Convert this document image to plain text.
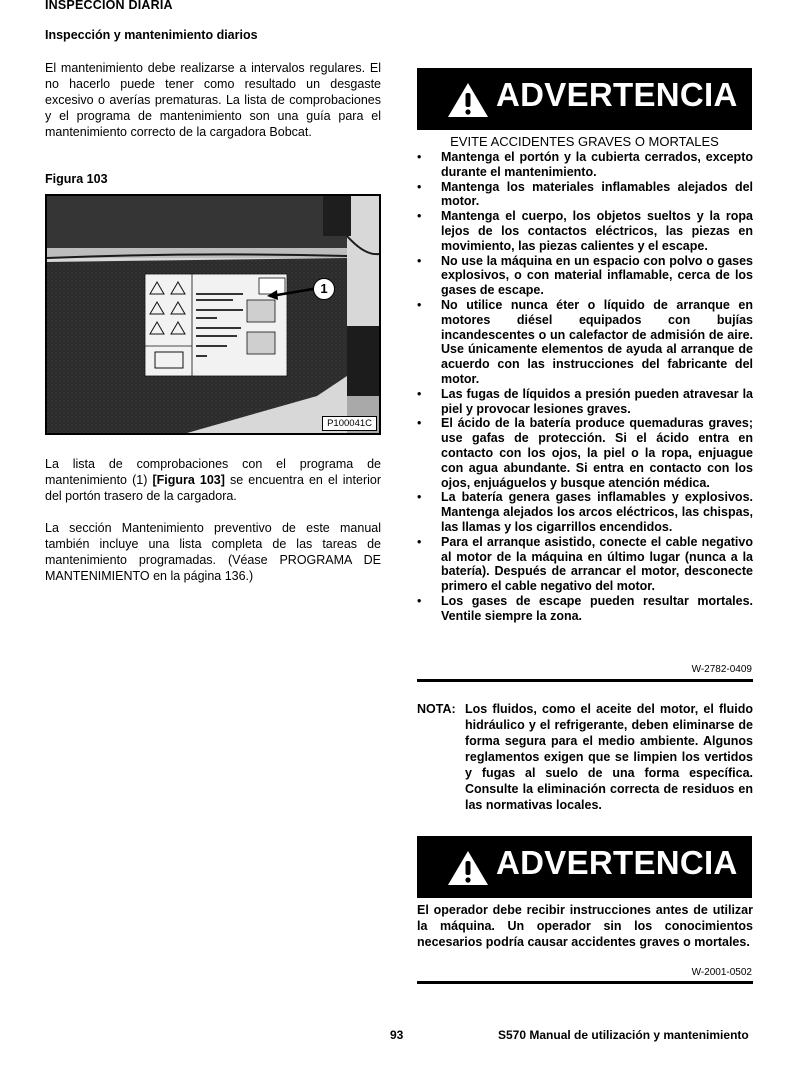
INSPECCION DIARIA
Inspección y mantenimiento diarios
El mantenimiento debe realizarse a intervalos regulares. El no hacerlo puede tener como resultado un desgaste excesivo o averías prematuras. La lista de comprobaciones y el programa de mantenimiento son una guía para el mantenimiento correcto de la cargadora Bobcat.
Figura 103
1
P100041C
La lista de comprobaciones con el programa de mantenimiento (1) [Figura 103] se encuentra en el interior del portón trasero de la cargadora.
La sección Mantenimiento preventivo de este manual también incluye una lista completa de las tareas de mantenimiento programadas. (Véase PROGRAMA DE MANTENIMIENTO en la página 136.)
ADVERTENCIA
EVITE ACCIDENTES GRAVES O MORTALES
• Mantenga el portón y la cubierta cerrados, excepto durante el mantenimiento.
• Mantenga los materiales inflamables alejados del motor.
• Mantenga el cuerpo, los objetos sueltos y la ropa lejos de los contactos eléctricos, las piezas en movimiento, las piezas calientes y el escape.
• No use la máquina en un espacio con polvo o gases explosivos, o con material inflamable, cerca de los gases de escape.
• No utilice nunca éter o líquido de arranque en motores diésel equipados con bujías incandescentes o un calefactor de admisión de aire. Use únicamente elementos de ayuda al arranque de acuerdo con las instrucciones del fabricante del motor.
• Las fugas de líquidos a presión pueden atravesar la piel y provocar lesiones graves.
• El ácido de la batería produce quemaduras graves; use gafas de protección. Si el ácido entra en contacto con los ojos, la piel o la ropa, enjuague con agua abundante. Si entra en contacto con los ojos, enjuáguelos y busque atención médica.
• La batería genera gases inflamables y explosivos. Mantenga alejados los arcos eléctricos, las chispas, las llamas y los cigarrillos encendidos.
• Para el arranque asistido, conecte el cable negativo al motor de la máquina en último lugar (nunca a la batería). Después de arrancar el motor, desconecte primero el cable negativo del motor.
• Los gases de escape pueden resultar mortales. Ventile siempre la zona.
W-2782-0409
NOTA: Los fluidos, como el aceite del motor, el fluido hidráulico y el refrigerante, deben eliminarse de forma segura para el medio ambiente. Algunos reglamentos exigen que se limpien los vertidos y fugas al suelo de una forma específica. Consulte la eliminación correcta de residuos en las normativas locales.
ADVERTENCIA
El operador debe recibir instrucciones antes de utilizar la máquina. Un operador sin los conocimientos necesarios podría causar accidentes graves o mortales.
W-2001-0502
93	S570 Manual de utilización y mantenimiento
